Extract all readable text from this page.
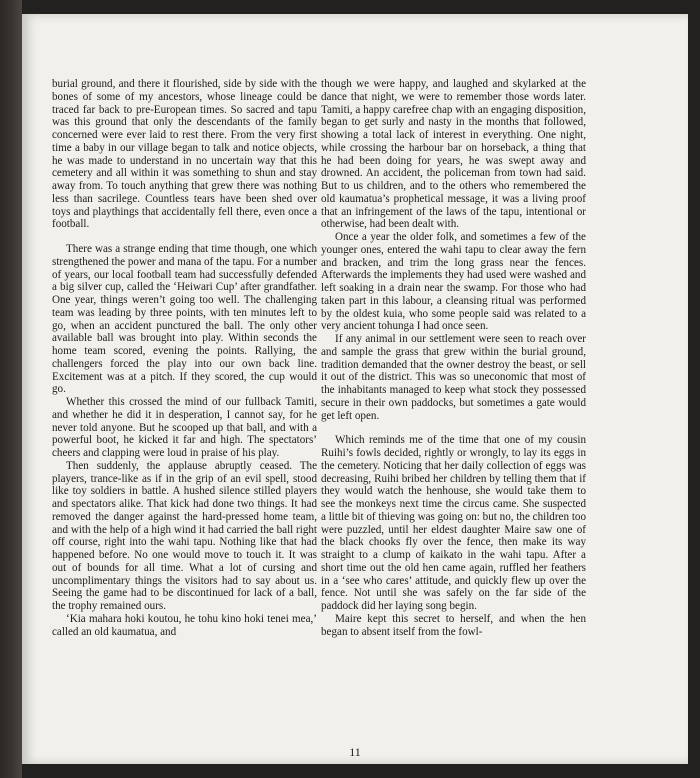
burial ground, and there it flourished, side by side with the bones of some of my ancestors, whose lineage could be traced far back to pre-European times. So sacred and tapu was this ground that only the descendants of the family concerned were ever laid to rest there. From the very first time a baby in our village began to talk and notice objects, he was made to understand in no uncertain way that this cemetery and all within it was something to shun and stay away from. To touch anything that grew there was nothing less than sacrilege. Countless tears have been shed over toys and playthings that accidentally fell there, even once a football.

There was a strange ending that time though, one which strengthened the power and mana of the tapu. For a number of years, our local football team had successfully defended a big silver cup, called the ‘Heiwari Cup’ after grandfather. One year, things weren’t going too well. The challenging team was leading by three points, with ten minutes left to go, when an accident punctured the ball. The only other available ball was brought into play. Within seconds the home team scored, evening the points. Rallying, the challengers forced the play into our own back line. Excitement was at a pitch. If they scored, the cup would go.

Whether this crossed the mind of our fullback Tamiti, and whether he did it in desperation, I cannot say, for he never told anyone. But he scooped up that ball, and with a powerful boot, he kicked it far and high. The spectators’ cheers and clapping were loud in praise of his play.

Then suddenly, the applause abruptly ceased. The players, trance-like as if in the grip of an evil spell, stood like toy soldiers in battle. A hushed silence stilled players and spectators alike. That kick had done two things. It had removed the danger against the hard-pressed home team, and with the help of a high wind it had carried the ball right off course, right into the wahi tapu. Nothing like that had happened before. No one would move to touch it. It was out of bounds for all time. What a lot of cursing and uncomplimentary things the visitors had to say about us. Seeing the game had to be discontinued for lack of a ball, the trophy remained ours.

‘Kia mahara hoki koutou, he tohu kino hoki tenei mea,’ called an old kaumatua, and

though we were happy, and laughed and skylarked at the dance that night, we were to remember those words later. Tamiti, a happy carefree chap with an engaging disposition, began to get surly and nasty in the months that followed, showing a total lack of interest in everything. One night, while crossing the harbour bar on horseback, a thing that he had been doing for years, he was swept away and drowned. An accident, the policeman from town had said. But to us children, and to the others who remembered the old kaumatua’s prophetical message, it was a living proof that an infringement of the laws of the tapu, intentional or otherwise, had been dealt with.

Once a year the older folk, and sometimes a few of the younger ones, entered the wahi tapu to clear away the fern and bracken, and trim the long grass near the fences. Afterwards the implements they had used were washed and left soaking in a drain near the swamp. For those who had taken part in this labour, a cleansing ritual was performed by the oldest kuia, who some people said was related to a very ancient tohunga I had once seen.

If any animal in our settlement were seen to reach over and sample the grass that grew within the burial ground, tradition demanded that the owner destroy the beast, or sell it out of the district. This was so uneconomic that most of the inhabitants managed to keep what stock they possessed secure in their own paddocks, but sometimes a gate would get left open.

Which reminds me of the time that one of my cousin Ruihi’s fowls decided, rightly or wrongly, to lay its eggs in the cemetery. Noticing that her daily collection of eggs was decreasing, Ruihi bribed her children by telling them that if they would watch the henhouse, she would take them to see the monkeys next time the circus came. She suspected a little bit of thieving was going on: but no, the children too were puzzled, until her eldest daughter Maire saw one of the black chooks fly over the fence, then make its way straight to a clump of kaikato in the wahi tapu. After a short time out the old hen came again, ruffled her feathers in a ‘see who cares’ attitude, and quickly flew up over the fence. Not until she was safely on the far side of the paddock did her laying song begin.

Maire kept this secret to herself, and when the hen began to absent itself from the fowl-

11
